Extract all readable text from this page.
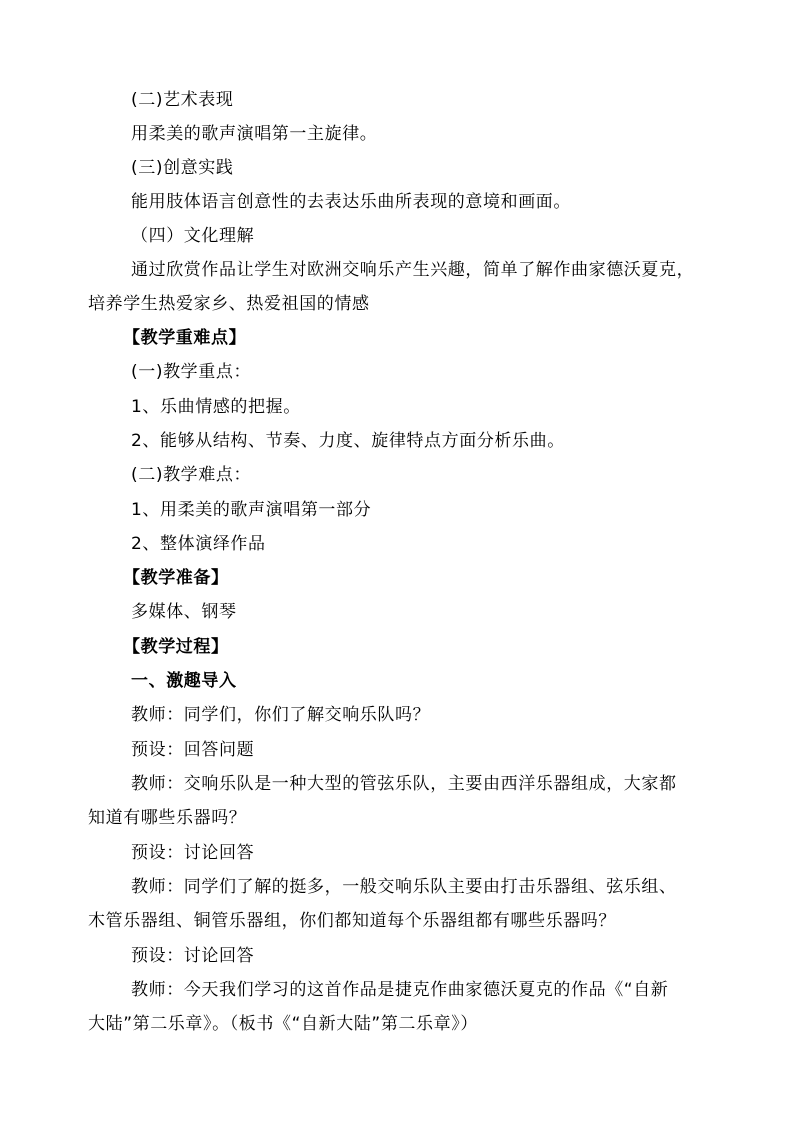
(二)艺术表现
用柔美的歌声演唱第一主旋律。
(三)创意实践
能用肢体语言创意性的去表达乐曲所表现的意境和画面。
（四）文化理解
通过欣赏作品让学生对欧洲交响乐产生兴趣，简单了解作曲家德沃夏克，
培养学生热爱家乡、热爱祖国的情感
【教学重难点】
(一)教学重点：
1、乐曲情感的把握。
2、能够从结构、节奏、力度、旋律特点方面分析乐曲。
(二)教学难点：
1、用柔美的歌声演唱第一部分
2、整体演绎作品
【教学准备】
多媒体、钢琴
【教学过程】
一、激趣导入
教师：同学们，你们了解交响乐队吗？
预设：回答问题
教师：交响乐队是一种大型的管弦乐队，主要由西洋乐器组成，大家都
知道有哪些乐器吗？
预设：讨论回答
教师：同学们了解的挺多，一般交响乐队主要由打击乐器组、弦乐组、
木管乐器组、铜管乐器组，你们都知道每个乐器组都有哪些乐器吗？
预设：讨论回答
教师：今天我们学习的这首作品是捷克作曲家德沃夏克的作品《“自新
大陆”第二乐章》。（板书《“自新大陆”第二乐章》）
